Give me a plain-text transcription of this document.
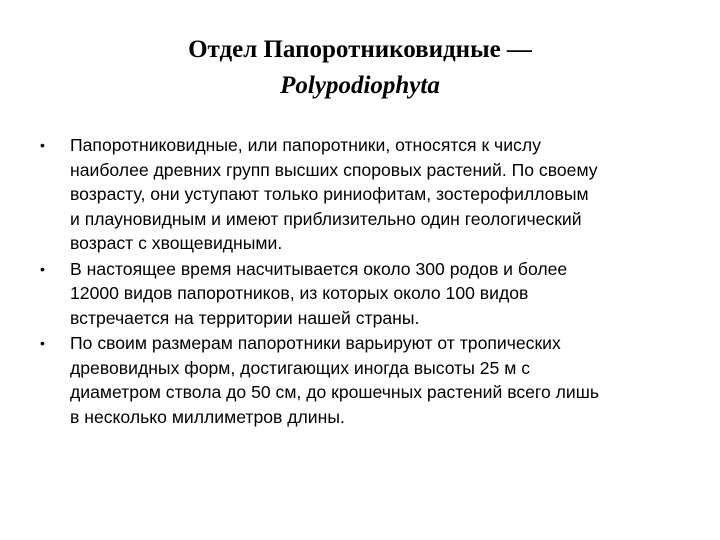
Отдел Папоротниковидные —
Polypodiophyta
•	Папоротниковидные, или папоротники, относятся к числу
наиболее древних групп высших споровых растений. По своему
возрасту, они уступают только риниофитам, зостерофилловым
и плауновидным и имеют приблизительно один геологический
возраст с хвощевидными.
•	В настоящее время насчитывается около 300 родов и более
12000 видов папоротников, из которых около 100 видов
встречается на территории нашей страны.
•	По своим размерам папоротники варьируют от тропических
древовидных форм, достигающих иногда высоты 25 м с
диаметром ствола до 50 см, до крошечных растений всего лишь
в несколько миллиметров длины.
